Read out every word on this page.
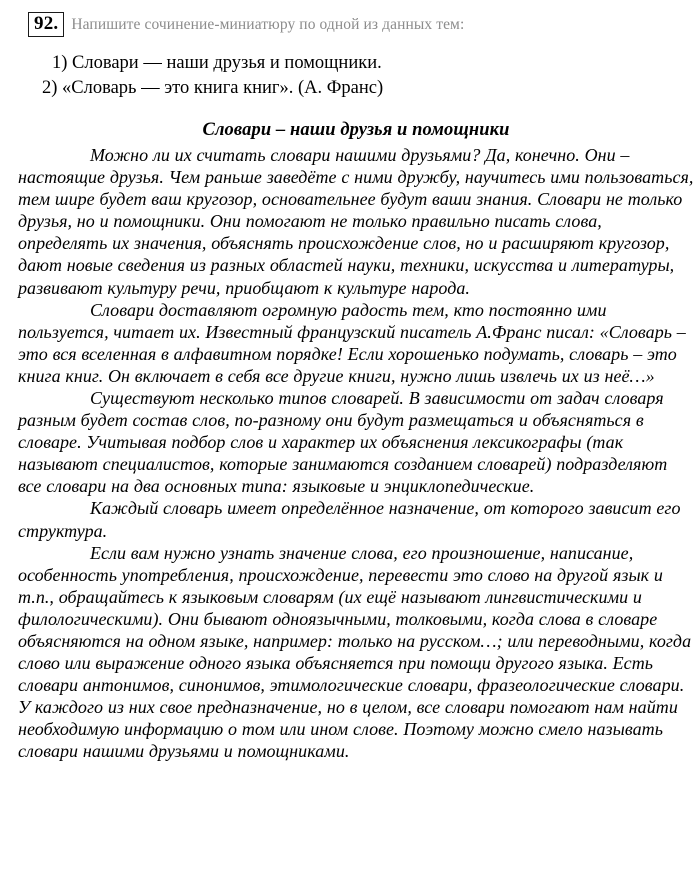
92. Напишите сочинение-миниатюру по одной из данных тем:
1) Словари — наши друзья и помощники.
2) «Словарь — это книга книг». (А. Франс)
Словари – наши друзья и помощники

Можно ли их считать словари нашими друзьями? Да, конечно. Они – настоящие друзья. Чем раньше заведёте с ними дружбу, научитесь ими пользоваться, тем шире будет ваш кругозор, основательнее будут ваши знания. Словари не только друзья, но и помощники. Они помогают не только правильно писать слова, определять их значения, объяснять происхождение слов, но и расширяют кругозор, дают новые сведения из разных областей науки, техники, искусства и литературы, развивают культуру речи, приобщают к культуре народа.

Словари доставляют огромную радость тем, кто постоянно ими пользуется, читает их. Известный французский писатель А.Франс писал: «Словарь – это вся вселенная в алфавитном порядке! Если хорошенько подумать, словарь – это книга книг. Он включает в себя все другие книги, нужно лишь извлечь их из неё…»

Существуют несколько типов словарей. В зависимости от задач словаря разным будет состав слов, по-разному они будут размещаться и объясняться в словаре. Учитывая подбор слов и характер их объяснения лексикографы (так называют специалистов, которые занимаются созданием словарей) подразделяют все словари на два основных типа: языковые и энциклопедические.

Каждый словарь имеет определённое назначение, от которого зависит его структура.

Если вам нужно узнать значение слова, его произношение, написание, особенность употребления, происхождение, перевести это слово на другой язык и т.п., обращайтесь к языковым словарям (их ещё называют лингвистическими и филологическими). Они бывают одноязычными, толковыми, когда слова в словаре объясняются на одном языке, например: только на русском…; или переводными, когда слово или выражение одного языка объясняется при помощи другого языка. Есть словари антонимов, синонимов, этимологические словари, фразеологические словари. У каждого из них свое предназначение, но в целом, все словари помогают нам найти необходимую информацию о том или ином слове. Поэтому можно смело называть словари нашими друзьями и помощниками.
